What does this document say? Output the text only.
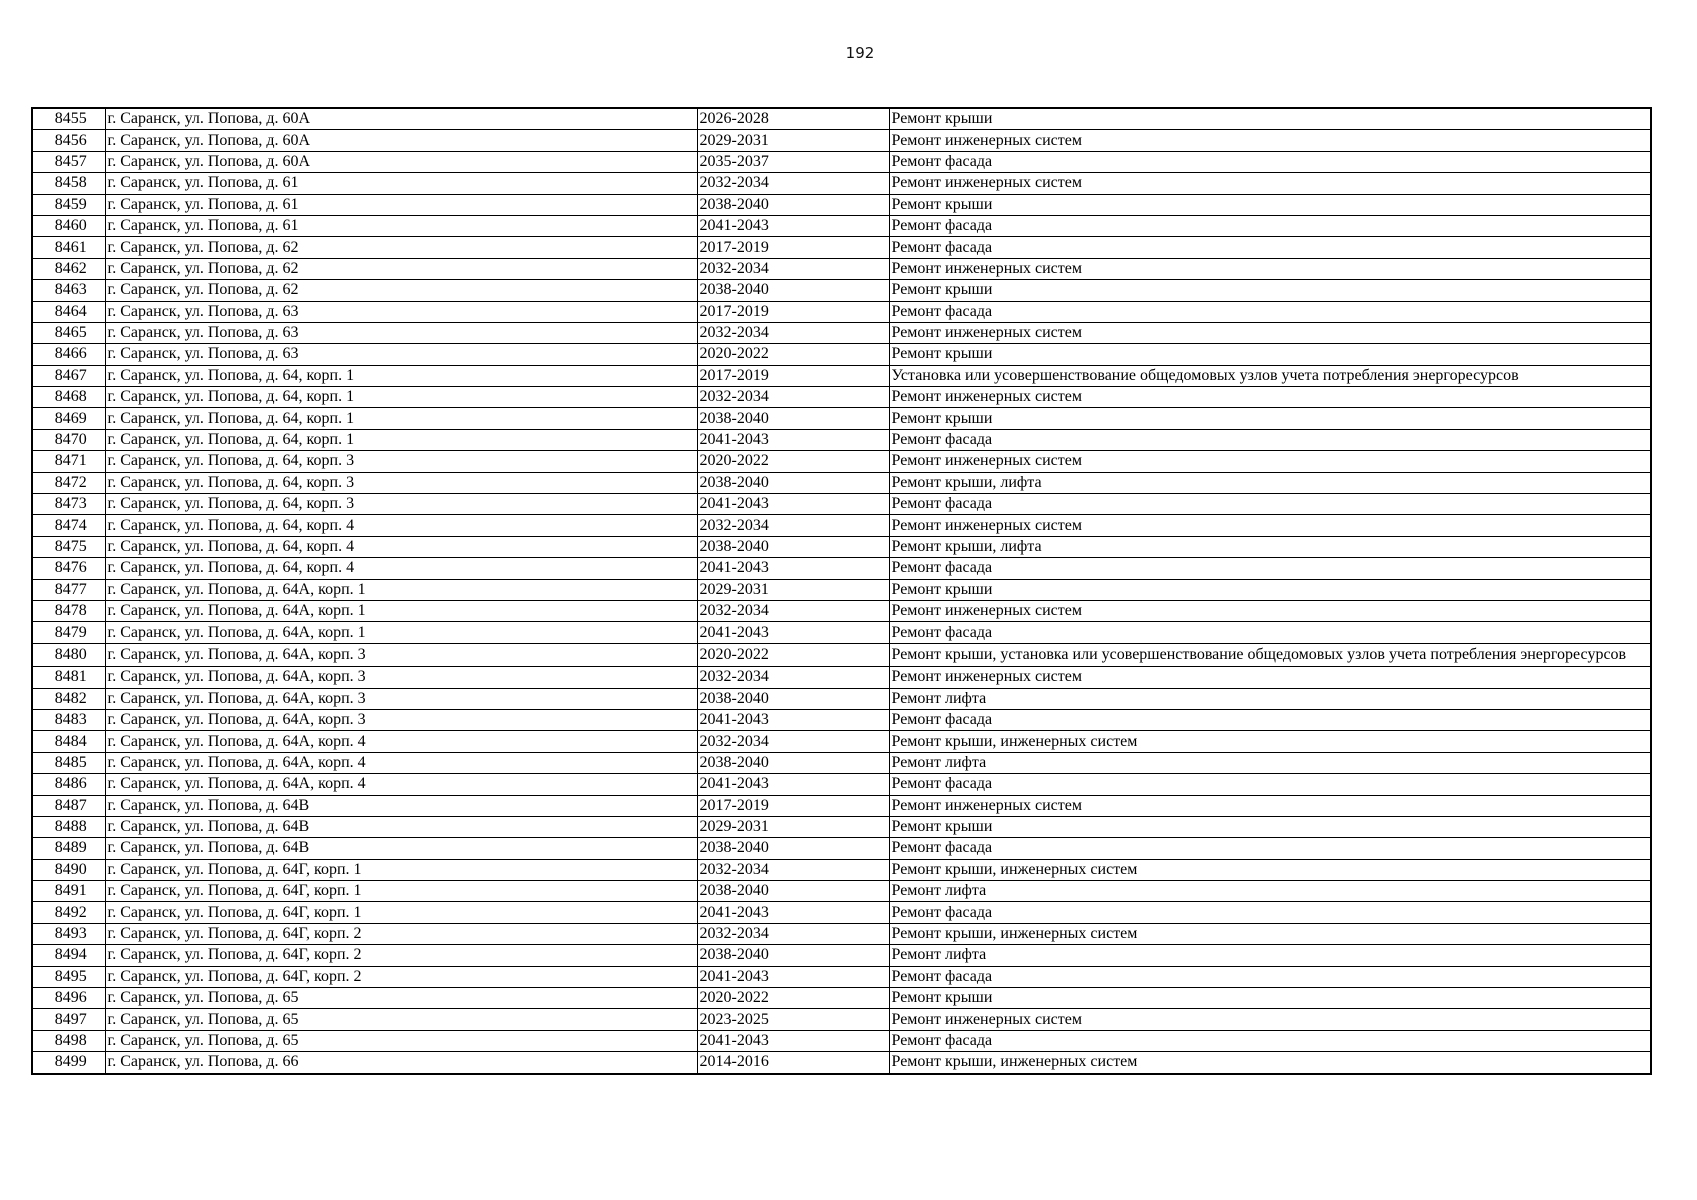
192
8455	г. Саранск, ул. Попова, д. 60А	2026-2028	Ремонт крыши
8456	г. Саранск, ул. Попова, д. 60А	2029-2031	Ремонт инженерных систем
8457	г. Саранск, ул. Попова, д. 60А	2035-2037	Ремонт фасада
8458	г. Саранск, ул. Попова, д. 61	2032-2034	Ремонт инженерных систем
8459	г. Саранск, ул. Попова, д. 61	2038-2040	Ремонт крыши
8460	г. Саранск, ул. Попова, д. 61	2041-2043	Ремонт фасада
8461	г. Саранск, ул. Попова, д. 62	2017-2019	Ремонт фасада
8462	г. Саранск, ул. Попова, д. 62	2032-2034	Ремонт инженерных систем
8463	г. Саранск, ул. Попова, д. 62	2038-2040	Ремонт крыши
8464	г. Саранск, ул. Попова, д. 63	2017-2019	Ремонт фасада
8465	г. Саранск, ул. Попова, д. 63	2032-2034	Ремонт инженерных систем
8466	г. Саранск, ул. Попова, д. 63	2020-2022	Ремонт крыши
8467	г. Саранск, ул. Попова, д. 64, корп. 1	2017-2019	Установка или усовершенствование общедомовых узлов учета потребления энергоресурсов
8468	г. Саранск, ул. Попова, д. 64, корп. 1	2032-2034	Ремонт инженерных систем
8469	г. Саранск, ул. Попова, д. 64, корп. 1	2038-2040	Ремонт крыши
8470	г. Саранск, ул. Попова, д. 64, корп. 1	2041-2043	Ремонт фасада
8471	г. Саранск, ул. Попова, д. 64, корп. 3	2020-2022	Ремонт инженерных систем
8472	г. Саранск, ул. Попова, д. 64, корп. 3	2038-2040	Ремонт крыши, лифта
8473	г. Саранск, ул. Попова, д. 64, корп. 3	2041-2043	Ремонт фасада
8474	г. Саранск, ул. Попова, д. 64, корп. 4	2032-2034	Ремонт инженерных систем
8475	г. Саранск, ул. Попова, д. 64, корп. 4	2038-2040	Ремонт крыши, лифта
8476	г. Саранск, ул. Попова, д. 64, корп. 4	2041-2043	Ремонт фасада
8477	г. Саранск, ул. Попова, д. 64А, корп. 1	2029-2031	Ремонт крыши
8478	г. Саранск, ул. Попова, д. 64А, корп. 1	2032-2034	Ремонт инженерных систем
8479	г. Саранск, ул. Попова, д. 64А, корп. 1	2041-2043	Ремонт фасада
8480	г. Саранск, ул. Попова, д. 64А, корп. 3	2020-2022	Ремонт крыши, установка или усовершенствование общедомовых узлов учета потребления энергоресурсов
8481	г. Саранск, ул. Попова, д. 64А, корп. 3	2032-2034	Ремонт инженерных систем
8482	г. Саранск, ул. Попова, д. 64А, корп. 3	2038-2040	Ремонт лифта
8483	г. Саранск, ул. Попова, д. 64А, корп. 3	2041-2043	Ремонт фасада
8484	г. Саранск, ул. Попова, д. 64А, корп. 4	2032-2034	Ремонт крыши, инженерных систем
8485	г. Саранск, ул. Попова, д. 64А, корп. 4	2038-2040	Ремонт лифта
8486	г. Саранск, ул. Попова, д. 64А, корп. 4	2041-2043	Ремонт фасада
8487	г. Саранск, ул. Попова, д. 64В	2017-2019	Ремонт инженерных систем
8488	г. Саранск, ул. Попова, д. 64В	2029-2031	Ремонт крыши
8489	г. Саранск, ул. Попова, д. 64В	2038-2040	Ремонт фасада
8490	г. Саранск, ул. Попова, д. 64Г, корп. 1	2032-2034	Ремонт крыши, инженерных систем
8491	г. Саранск, ул. Попова, д. 64Г, корп. 1	2038-2040	Ремонт лифта
8492	г. Саранск, ул. Попова, д. 64Г, корп. 1	2041-2043	Ремонт фасада
8493	г. Саранск, ул. Попова, д. 64Г, корп. 2	2032-2034	Ремонт крыши, инженерных систем
8494	г. Саранск, ул. Попова, д. 64Г, корп. 2	2038-2040	Ремонт лифта
8495	г. Саранск, ул. Попова, д. 64Г, корп. 2	2041-2043	Ремонт фасада
8496	г. Саранск, ул. Попова, д. 65	2020-2022	Ремонт крыши
8497	г. Саранск, ул. Попова, д. 65	2023-2025	Ремонт инженерных систем
8498	г. Саранск, ул. Попова, д. 65	2041-2043	Ремонт фасада
8499	г. Саранск, ул. Попова, д. 66	2014-2016	Ремонт крыши, инженерных систем
